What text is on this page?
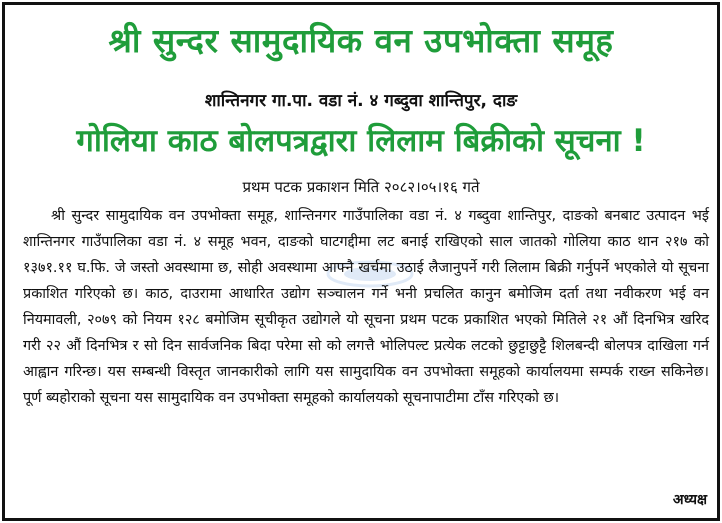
श्री सुन्दर सामुदायिक वन उपभोक्ता समूह
शान्तिनगर गा.पा. वडा नं. ४ गब्दुवा शान्तिपुर, दाङ
गोलिया काठ बोलपत्रद्वारा लिलाम बिक्रीको सूचना !
प्रथम पटक प्रकाशन मिति २०८२।०५।१६ गते

श्री सुन्दर सामुदायिक वन उपभोक्ता समूह, शान्तिनगर गाउँपालिका वडा नं. ४ गब्दुवा शान्तिपुर, दाङको बनबाट उत्पादन भई शान्तिनगर गाउँपालिका वडा नं. ४ समूह भवन, दाङको घाटगद्दीमा लट बनाई राखिएको साल जातको गोलिया काठ थान २१७ को १३७१.११ घ.फि. जे जस्तो अवस्थामा छ, सोही अवस्थामा आफ्नै खर्चमा उठाई लैजानुपर्ने गरी लिलाम बिक्री गर्नुपर्ने भएकोले यो सूचना प्रकाशित गरिएको छ। काठ, दाउरामा आधारित उद्योग सञ्चालन गर्ने भनी प्रचलित कानुन बमोजिम दर्ता तथा नवीकरण भई वन नियमावली, २०७९ को नियम १२८ बमोजिम सूचीकृत उद्योगले यो सूचना प्रथम पटक प्रकाशित भएको मितिले २१ औं दिनभित्र खरिद गरी २२ औं दिनभित्र र सो दिन सार्वजनिक बिदा परेमा सो को लगत्तै भोलिपल्ट प्रत्येक लटको छुट्टाछुट्टै शिलबन्दी बोलपत्र दाखिला गर्न आह्वान गरिन्छ। यस सम्बन्धी विस्तृत जानकारीको लागि यस सामुदायिक वन उपभोक्ता समूहको कार्यालयमा सम्पर्क राख्न सकिनेछ। पूर्ण ब्यहोराको सूचना यस सामुदायिक वन उपभोक्ता समूहको कार्यालयको सूचनापाटीमा टाँस गरिएको छ।

अध्यक्ष
